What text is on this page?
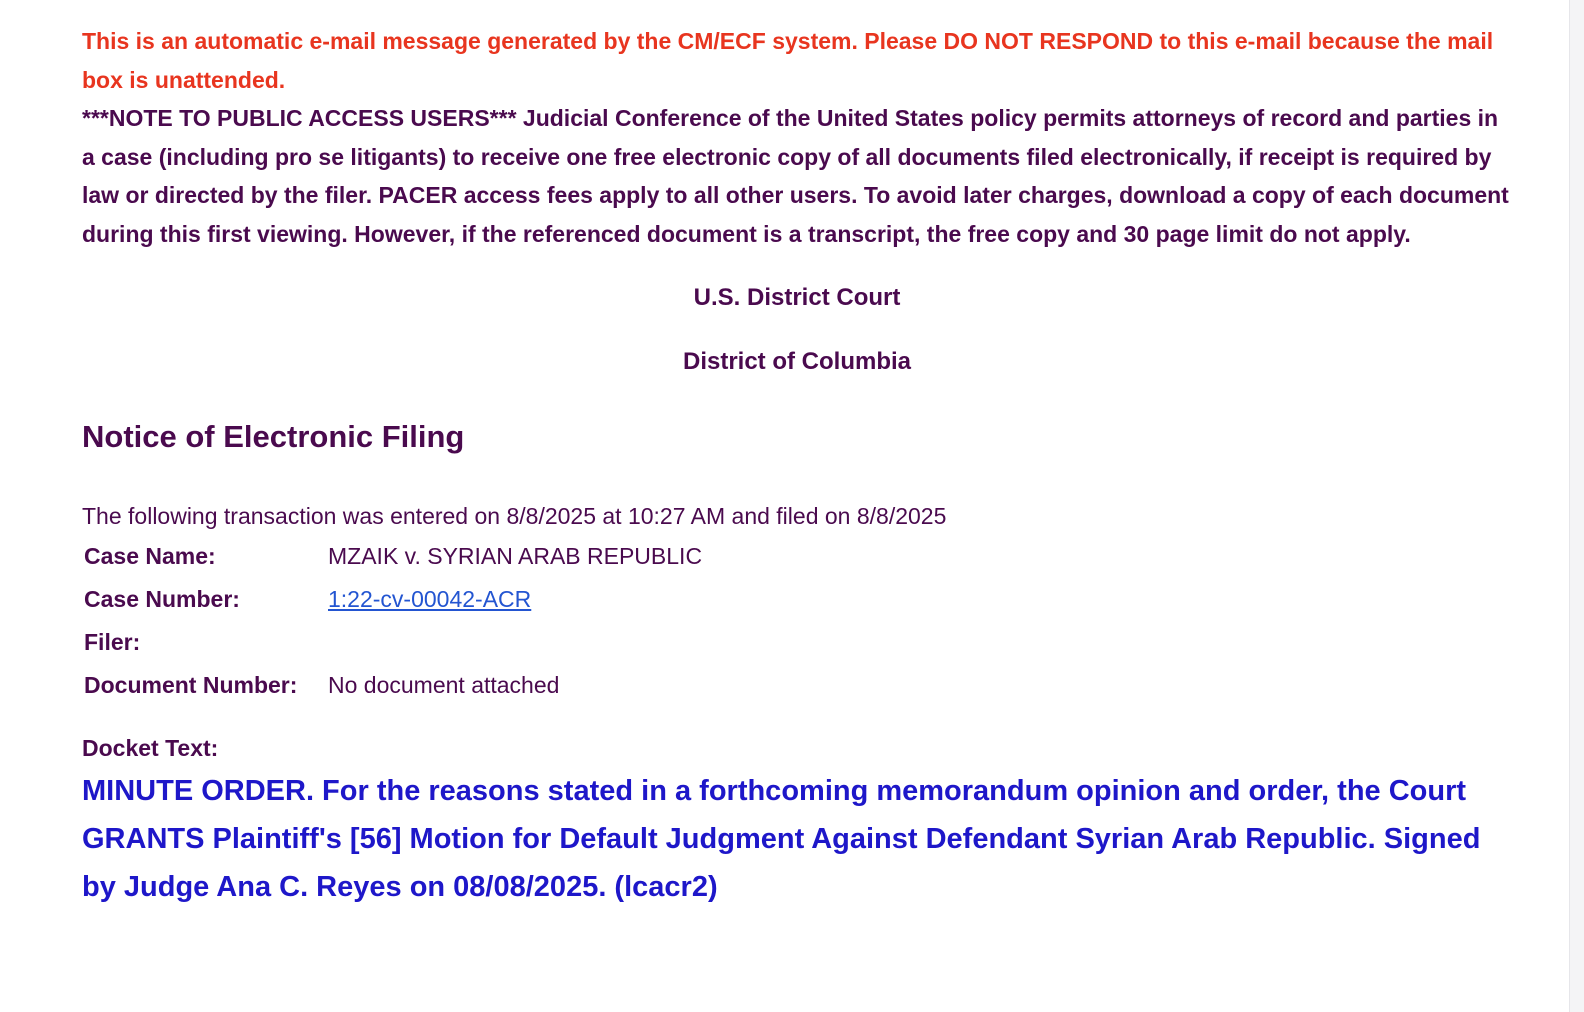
This is an automatic e-mail message generated by the CM/ECF system. Please DO NOT RESPOND to this e-mail because the mail box is unattended.

***NOTE TO PUBLIC ACCESS USERS*** Judicial Conference of the United States policy permits attorneys of record and parties in a case (including pro se litigants) to receive one free electronic copy of all documents filed electronically, if receipt is required by law or directed by the filer. PACER access fees apply to all other users. To avoid later charges, download a copy of each document during this first viewing. However, if the referenced document is a transcript, the free copy and 30 page limit do not apply.

U.S. District Court

District of Columbia

Notice of Electronic Filing

The following transaction was entered on 8/8/2025 at 10:27 AM and filed on 8/8/2025

Case Name:	MZAIK v. SYRIAN ARAB REPUBLIC
Case Number:	1:22-cv-00042-ACR
Filer:	
Document Number:	No document attached

Docket Text:

MINUTE ORDER. For the reasons stated in a forthcoming memorandum opinion and order, the Court GRANTS Plaintiff's [56] Motion for Default Judgment Against Defendant Syrian Arab Republic. Signed by Judge Ana C. Reyes on 08/08/2025. (lcacr2)
